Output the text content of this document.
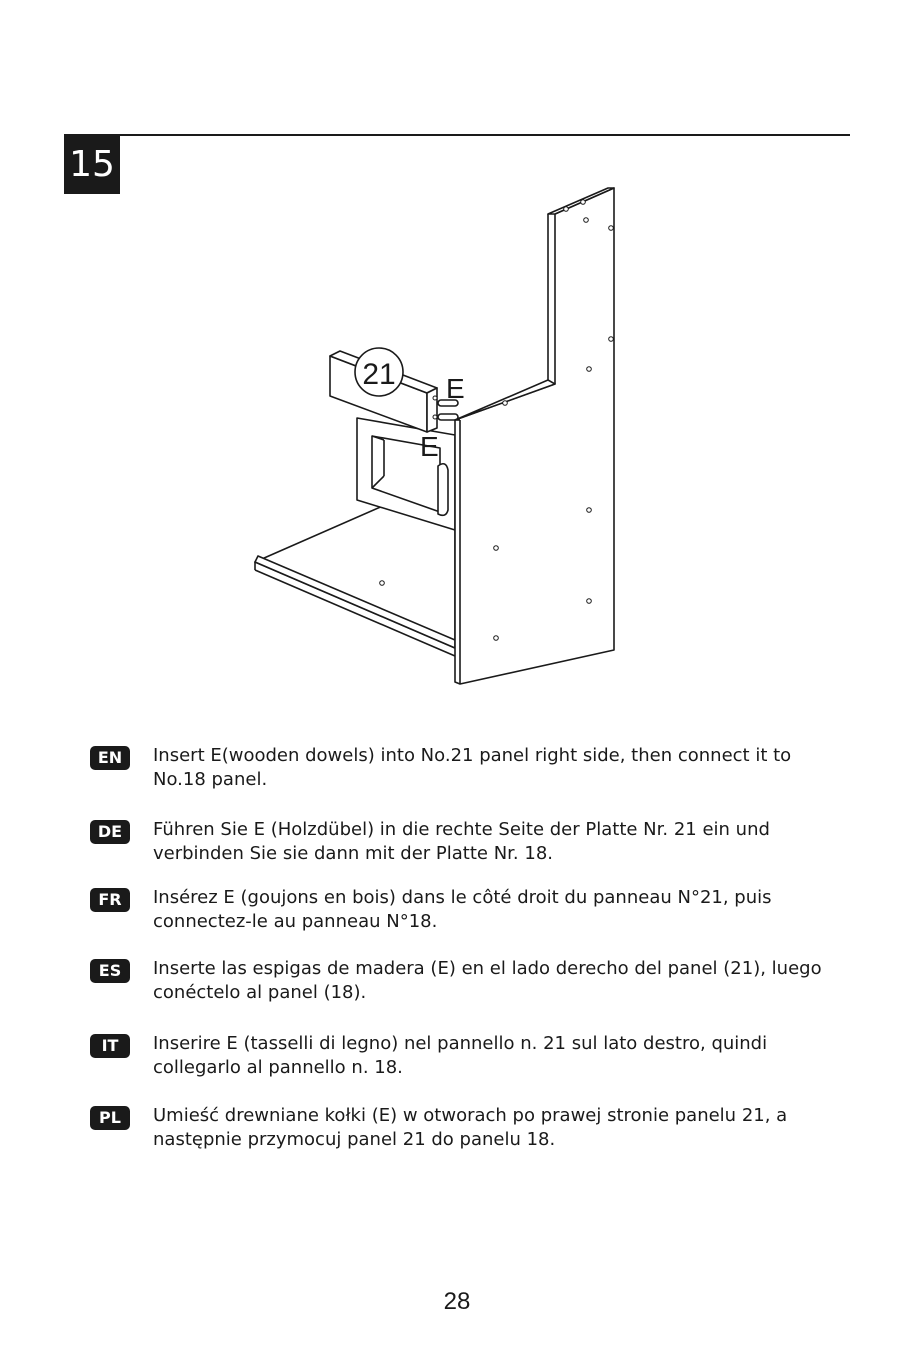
15
21 E
E
EN	Insert E(wooden dowels) into No.21 panel right side, then connect it to No.18 panel.
DE	Führen Sie E (Holzdübel) in die rechte Seite der Platte Nr. 21 ein und verbinden Sie sie dann mit der Platte Nr. 18.
FR	Insérez E (goujons en bois) dans le côté droit du panneau N°21, puis connectez-le au panneau N°18.
ES	Inserte las espigas de madera (E) en el lado derecho del panel (21), luego conéctelo al panel (18).
IT	Inserire E (tasselli di legno) nel pannello n. 21 sul lato destro, quindi collegarlo al pannello n. 18.
PL	Umieść drewniane kołki (E) w otworach po prawej stronie panelu 21, a następnie przymocuj panel 21 do panelu 18.
28
